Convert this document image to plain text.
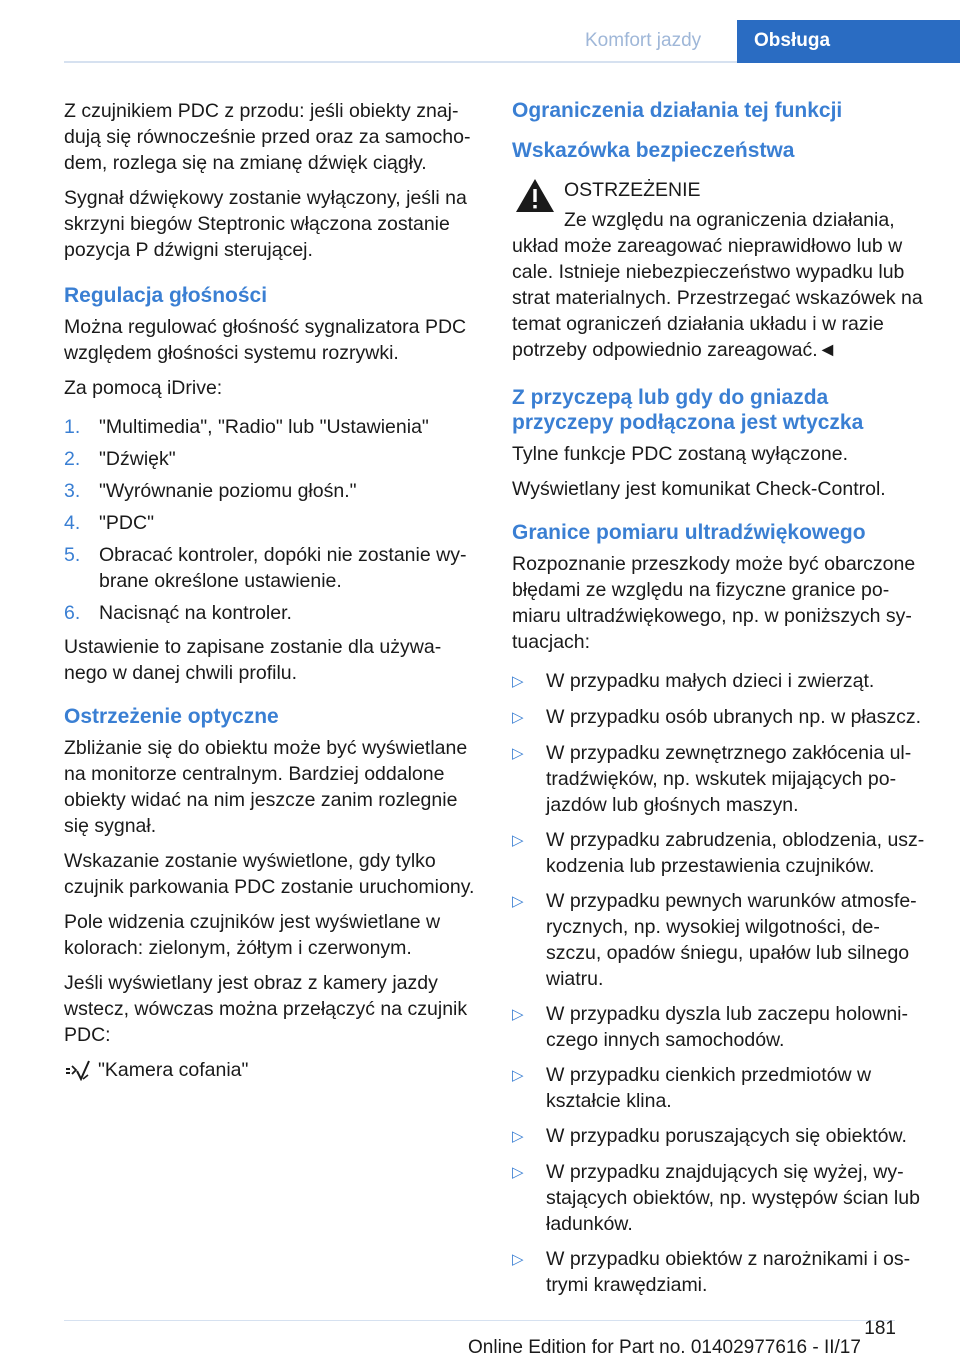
Komfort jazdy	Obsługa

Z czujnikiem PDC z przodu: jeśli obiekty znajdują się równocześnie przed oraz za samochodem, rozlega się na zmianę dźwięk ciągły.

Sygnał dźwiękowy zostanie wyłączony, jeśli na skrzyni biegów Steptronic włączona zostanie pozycja P dźwigni sterującej.

Regulacja głośności

Można regulować głośność sygnalizatora PDC względem głośności systemu rozrywki.

Za pomocą iDrive:

1. "Multimedia", "Radio" lub "Ustawienia"
2. "Dźwięk"
3. "Wyrównanie poziomu głośn."
4. "PDC"
5. Obracać kontroler, dopóki nie zostanie wybrane określone ustawienie.
6. Nacisnąć na kontroler.

Ustawienie to zapisane zostanie dla używanego w danej chwili profilu.

Ostrzeżenie optyczne

Zbliżanie się do obiektu może być wyświetlane na monitorze centralnym. Bardziej oddalone obiekty widać na nim jeszcze zanim rozlegnie się sygnał.

Wskazanie zostanie wyświetlone, gdy tylko czujnik parkowania PDC zostanie uruchomiony.

Pole widzenia czujników jest wyświetlane w kolorach: zielonym, żółtym i czerwonym.

Jeśli wyświetlany jest obraz z kamery jazdy wstecz, wówczas można przełączyć na czujnik PDC:

"Kamera cofania"
Ograniczenia działania tej funkcji
Wskazówka bezpieczeństwa
OSTRZEŻENIE
Ze względu na ograniczenia działania,
układ może zareagować nieprawidłowo lub w cale. Istnieje niebezpieczeństwo wypadku lub strat materialnych. Przestrzegać wskazówek na temat ograniczeń działania układu i w razie potrzeby odpowiednio zareagować.◄
Z przyczepą lub gdy do gniazda przyczepy podłączona jest wtyczka

Tylne funkcje PDC zostaną wyłączone.

Wyświetlany jest komunikat Check-Control.

Granice pomiaru ultradźwiękowego

Rozpoznanie przeszkody może być obarczone błędami ze względu na fizyczne granice pomiaru ultradźwiękowego, np. w poniższych sytuacjach:

▷	W przypadku małych dzieci i zwierząt.
▷	W przypadku osób ubranych np. w płaszcz.
▷	W przypadku zewnętrznego zakłócenia ultradźwięków, np. wskutek mijających pojazdów lub głośnych maszyn.
▷	W przypadku zabrudzenia, oblodzenia, uszkodzenia lub przestawienia czujników.
▷	W przypadku pewnych warunków atmosferycznych, np. wysokiej wilgotności, deszczu, opadów śniegu, upałów lub silnego wiatru.
▷	W przypadku dyszla lub zaczepu holowniczego innych samochodów.
▷	W przypadku cienkich przedmiotów w kształcie klina.
▷	W przypadku poruszających się obiektów.
▷	W przypadku znajdujących się wyżej, wystających obiektów, np. występów ścian lub ładunków.
▷	W przypadku obiektów z narożnikami i ostrymi krawędziami.
181
Online Edition for Part no. 01402977616 - II/17
